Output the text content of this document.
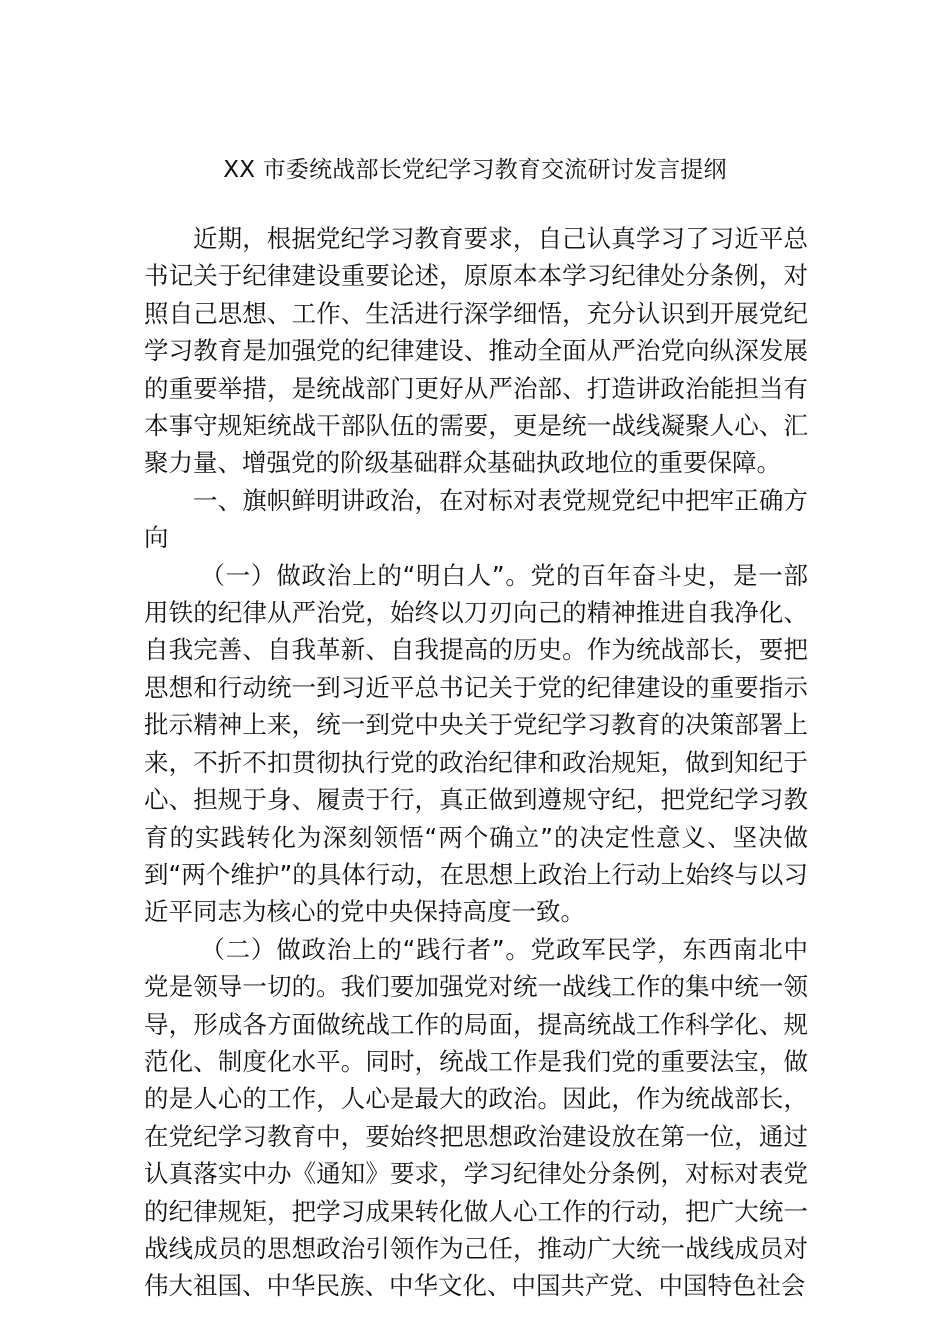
XX 市委统战部长党纪学习教育交流研讨发言提纲

近期，根据党纪学习教育要求，自己认真学习了习近平总书记关于纪律建设重要论述，原原本本学习纪律处分条例，对照自己思想、工作、生活进行深学细悟，充分认识到开展党纪学习教育是加强党的纪律建设、推动全面从严治党向纵深发展的重要举措，是统战部门更好从严治部、打造讲政治能担当有本事守规矩统战干部队伍的需要，更是统一战线凝聚人心、汇聚力量、增强党的阶级基础群众基础执政地位的重要保障。

一、旗帜鲜明讲政治，在对标对表党规党纪中把牢正确方向

（一）做政治上的“明白人”。党的百年奋斗史，是一部用铁的纪律从严治党，始终以刀刃向己的精神推进自我净化、自我完善、自我革新、自我提高的历史。作为统战部长，要把思想和行动统一到习近平总书记关于党的纪律建设的重要指示批示精神上来，统一到党中央关于党纪学习教育的决策部署上来，不折不扣贯彻执行党的政治纪律和政治规矩，做到知纪于心、担规于身、履责于行，真正做到遵规守纪，把党纪学习教育的实践转化为深刻领悟“两个确立”的决定性意义、坚决做到“两个维护”的具体行动，在思想上政治上行动上始终与以习近平同志为核心的党中央保持高度一致。

（二）做政治上的“践行者”。党政军民学，东西南北中党是领导一切的。我们要加强党对统一战线工作的集中统一领导，形成各方面做统战工作的局面，提高统战工作科学化、规范化、制度化水平。同时，统战工作是我们党的重要法宝，做的是人心的工作，人心是最大的政治。因此，作为统战部长，在党纪学习教育中，要始终把思想政治建设放在第一位，通过认真落实中办《通知》要求，学习纪律处分条例，对标对表党的纪律规矩，把学习成果转化做人心工作的行动，把广大统一战线成员的思想政治引领作为己任，推动广大统一战线成员对伟大祖国、中华民族、中华文化、中国共产党、中国特色社会
